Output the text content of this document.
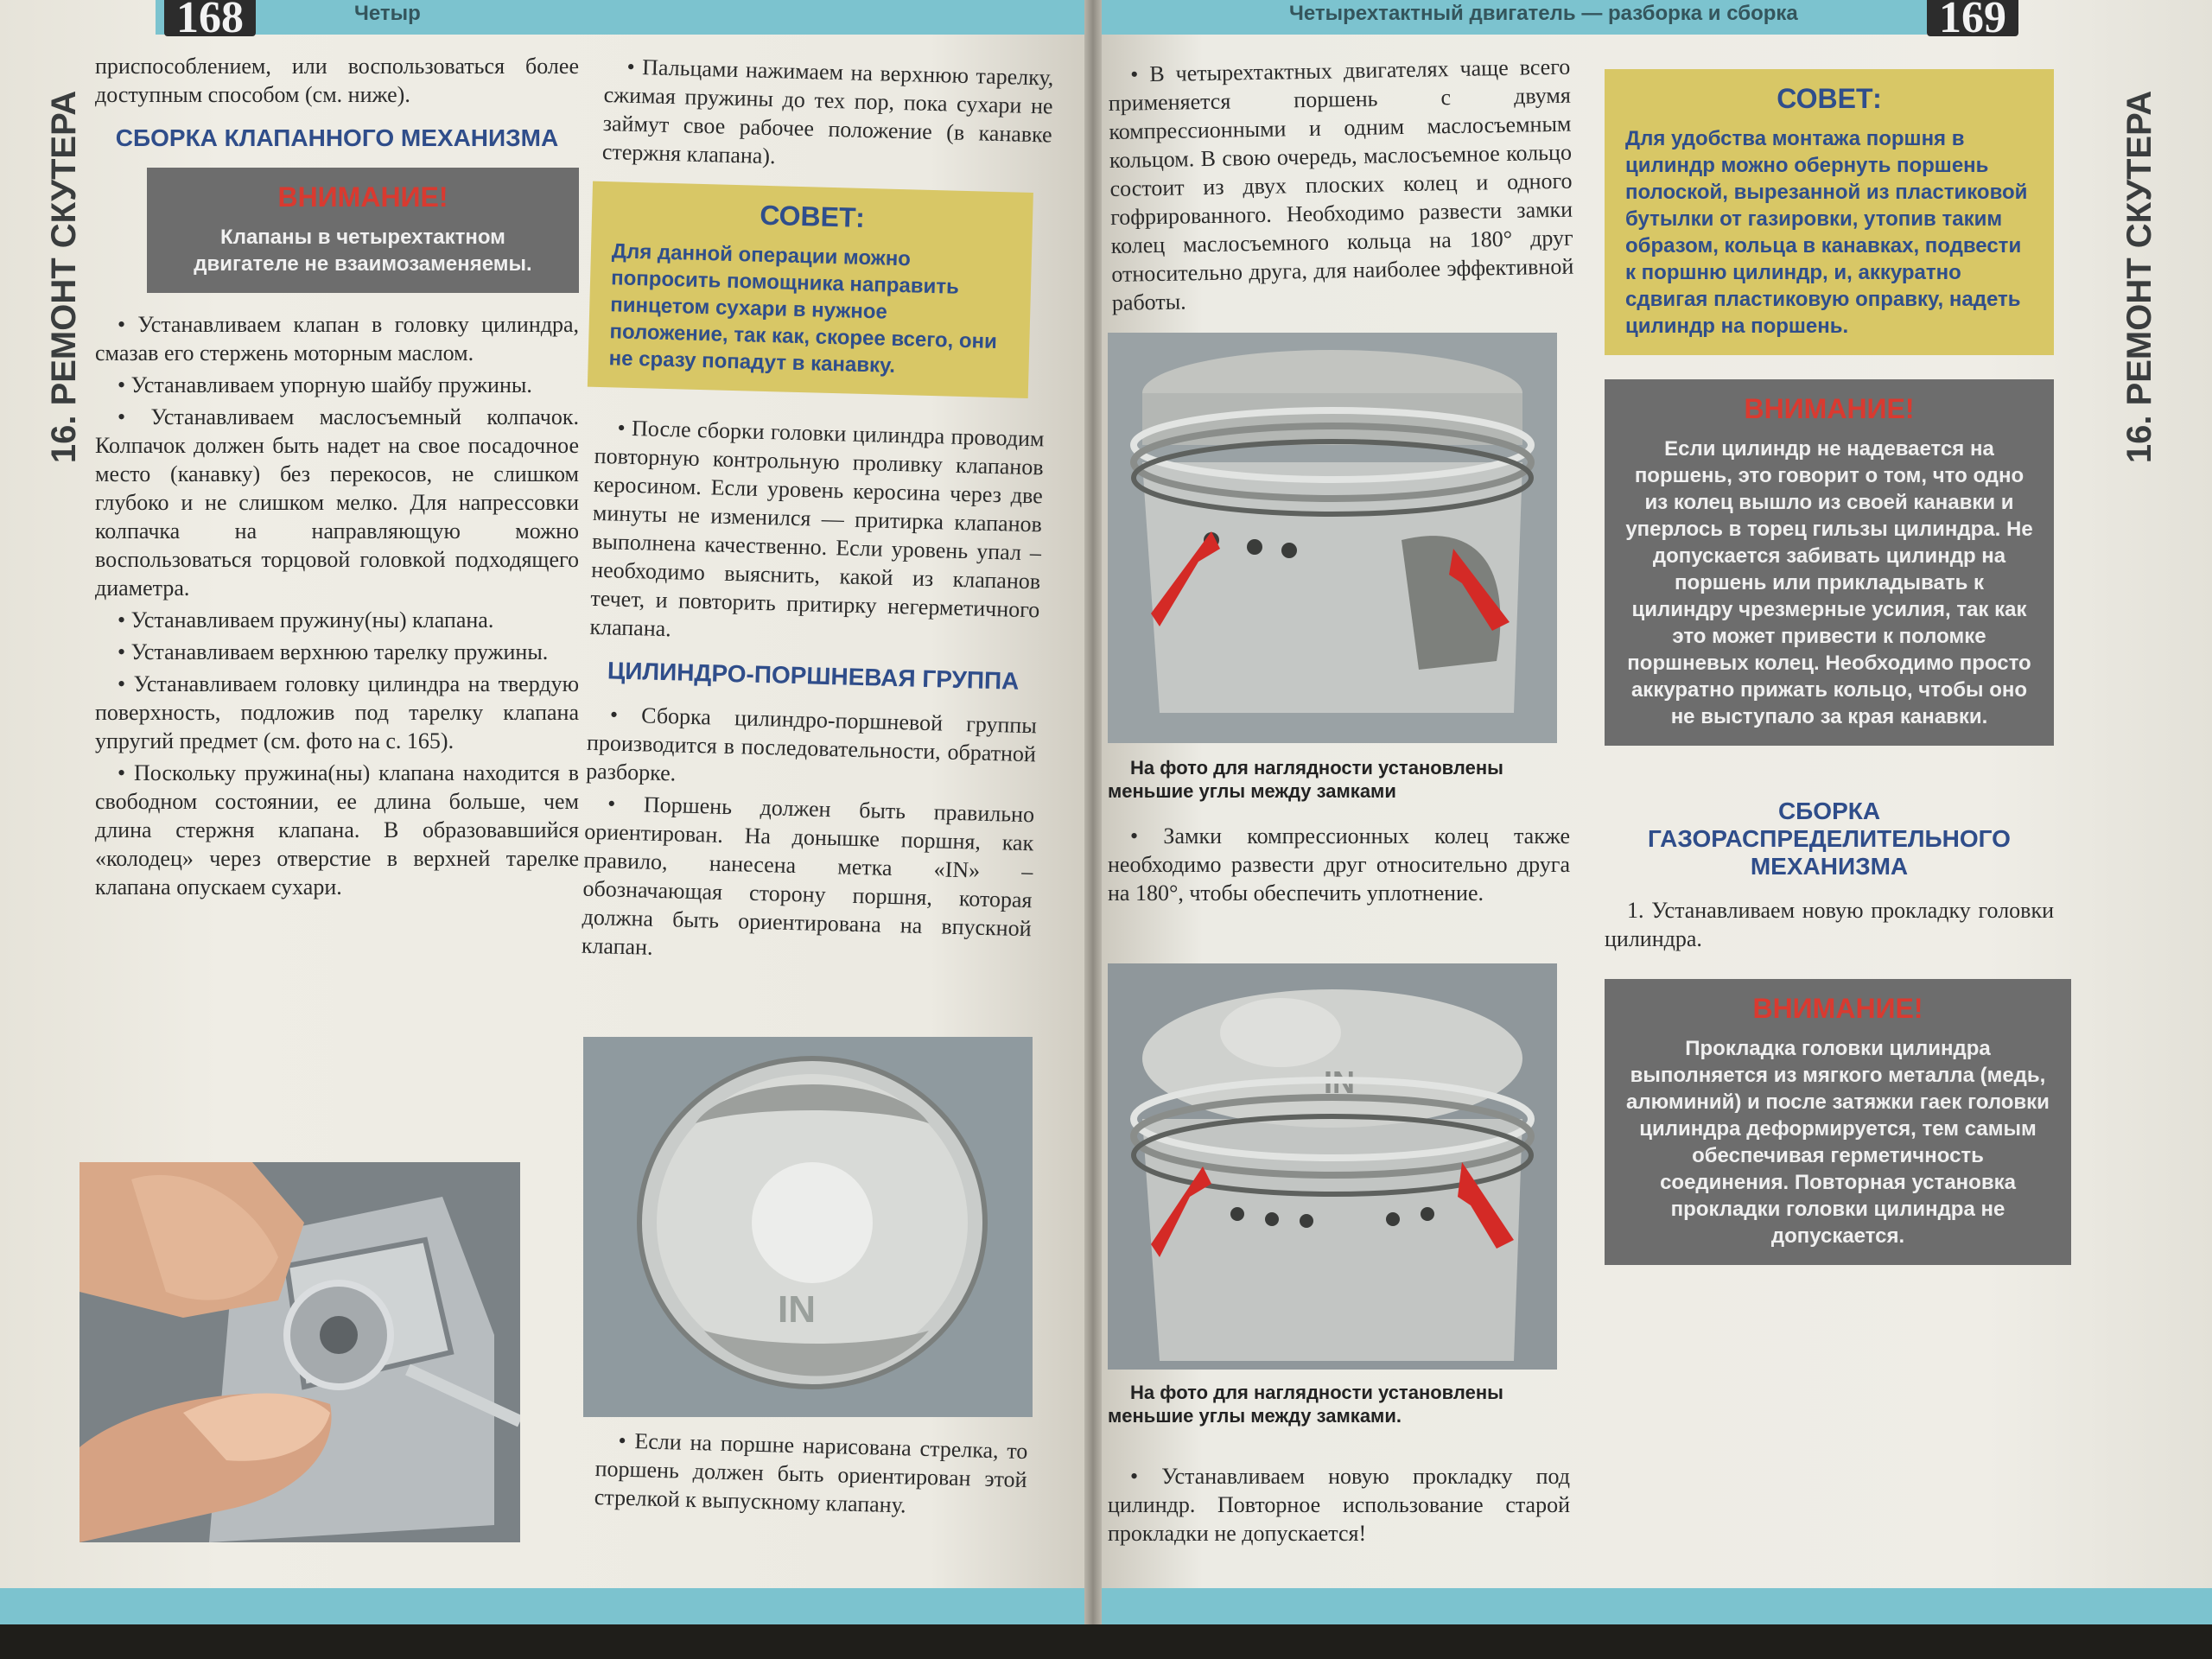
Четыр
168
16. РЕМОНТ СКУТЕРА

приспособлением, или воспользоваться более доступным способом (см. ниже).

СБОРКА КЛАПАННОГО МЕХАНИЗМА
ВНИМАНИЕ!
Клапаны в четырехтактном двигателе не взаимозаменяемы.

• Устанавливаем клапан в головку цилиндра, смазав его стержень моторным маслом.

• Устанавливаем упорную шайбу пружины.

• Устанавливаем маслосъемный колпачок. Колпачок должен быть надет на свое посадочное место (канавку) без перекосов, не слишком глубоко и не слишком мелко. Для напрессовки колпачка на направляющую можно воспользоваться торцовой головкой подходящего диаметра.

• Устанавливаем пружину(ны) клапана.

• Устанавливаем верхнюю тарелку пружины.

• Устанавливаем головку цилиндра на твердую поверхность, подложив под тарелку клапана упругий предмет (см. фото на с. 165).

• Поскольку пружина(ны) клапана находится в свободном состоянии, ее длина больше, чем длина стержня клапана. В образовавшийся «колодец» через отверстие в верхней тарелке клапана опускаем сухари.

• Пальцами нажимаем на верхнюю тарелку, сжимая пружины до тех пор, пока сухари не займут свое рабочее положение (в канавке стержня клапана).

СОВЕТ:
Для данной операции можно попросить помощника направить пинцетом сухари в нужное положение, так как, скорее всего, они не сразу попадут в канавку.

• После сборки головки цилиндра проводим повторную контрольную проливку клапанов керосином. Если уровень керосина через две минуты не изменился — притирка клапанов выполнена качественно. Если уровень упал – необходимо выяснить, какой из клапанов течет, и повторить притирку негерметичного клапана.

ЦИЛИНДРО-ПОРШНЕВАЯ ГРУППА

• Сборка цилиндро-поршневой группы производится в последовательности, обратной разборке.

• Поршень должен быть правильно ориентирован. На донышке поршня, как правило, нанесена метка «IN» – обозначающая сторону поршня, которая должна быть ориентирована на впускной клапан.

IN

• Если на поршне нарисована стрелка, то поршень должен быть ориентирован этой стрелкой к выпускному клапану.

Четырехтактный двигатель — разборка и сборка	169
16. РЕМОНТ СКУТЕРА

• В четырехтактных двигателях чаще всего применяется поршень с двумя компрессионными и одним маслосъемным кольцом. В свою очередь, маслосъемное кольцо состоит из двух плоских колец и одного гофрированного. Необходимо развести замки колец маслосъемного кольца на 180° друг относительно друга, для наиболее эффективной работы.

На фото для наглядности установлены меньшие углы между замками

• Замки компрессионных колец также необходимо развести друг относительно друга на 180°, чтобы обеспечить уплотнение.

IN

На фото для наглядности установлены меньшие углы между замками.

• Устанавливаем новую прокладку под цилиндр. Повторное использование старой прокладки не допускается!

СОВЕТ:
Для удобства монтажа поршня в цилиндр можно обернуть поршень полоской, вырезанной из пластиковой бутылки от газировки, утопив таким образом, кольца в канавках, подвести к поршню цилиндр, и, аккуратно сдвигая пластиковую оправку, надеть цилиндр на поршень.
ВНИМАНИЕ!
Если цилиндр не надевается на поршень, это говорит о том, что одно из колец вышло из своей канавки и уперлось в торец гильзы цилиндра. Не допускается забивать цилиндр на поршень или прикладывать к цилиндру чрезмерные усилия, так как это может привести к поломке поршневых колец. Необходимо просто аккуратно прижать кольцо, чтобы оно не выступало за края канавки.
СБОРКА ГАЗОРАСПРЕДЕЛИТЕЛЬНОГО МЕХАНИЗМА

1. Устанавливаем новую прокладку головки цилиндра.

ВНИМАНИЕ!
Прокладка головки цилиндра выполняется из мягкого металла (медь, алюминий) и после затяжки гаек головки цилиндра деформируется, тем самым обеспечивая герметичность соединения. Повторная установка прокладки головки цилиндра не допускается.
